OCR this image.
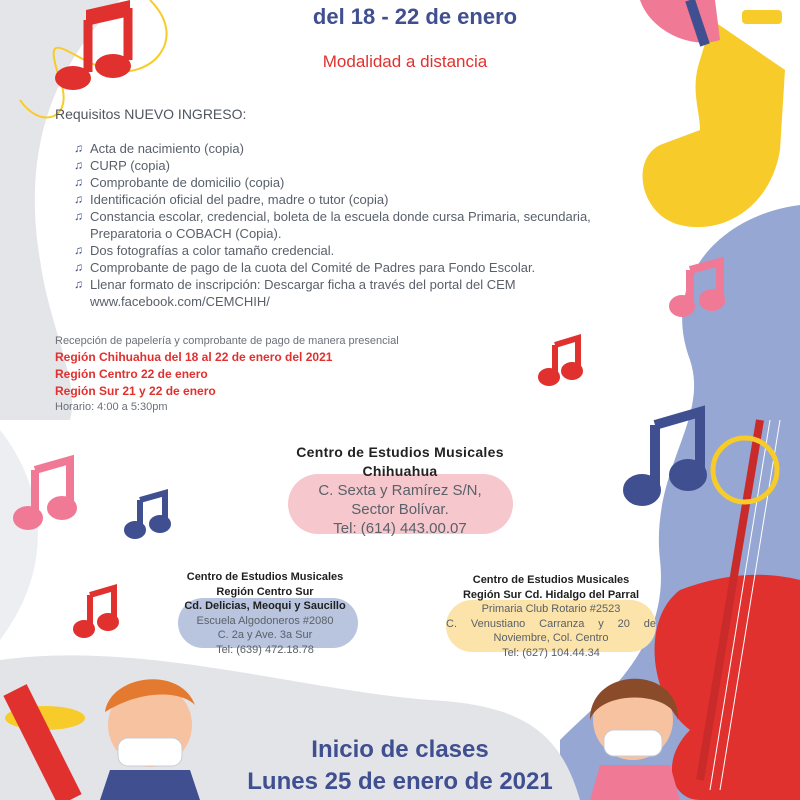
del 18 - 22 de enero
Modalidad a distancia
Requisitos NUEVO INGRESO:
♫ Acta de nacimiento (copia)
♫ CURP (copia)
♫ Comprobante de domicilio (copia)
♫ Identificación oficial del padre, madre o tutor (copia)
♫ Constancia escolar, credencial, boleta de la escuela donde cursa Primaria, secundaria, Preparatoria o COBACH (Copia).
♫ Dos fotografías a color tamaño credencial.
♫ Comprobante de pago de la cuota del Comité de Padres para Fondo Escolar.
♫ Llenar formato de inscripción: Descargar ficha a través del portal del CEM www.facebook.com/CEMCHIH/
Recepción de papelería y comprobante de pago de manera presencial
Región Chihuahua del 18 al 22 de enero del 2021
Región Centro 22 de enero
Región Sur 21 y 22 de enero
Horario: 4:00 a 5:30pm
Centro de Estudios Musicales
Chihuahua
C. Sexta y Ramírez S/N,
Sector Bolívar.
Tel: (614) 443.00.07
Centro de Estudios Musicales
Región Centro Sur
Cd. Delicias, Meoqui y Saucillo
Escuela Algodoneros #2080
C. 2a y Ave. 3a Sur
Tel: (639) 472.18.78
Centro de Estudios Musicales
Región Sur Cd. Hidalgo del Parral
Primaria Club Rotario #2523
C. Venustiano Carranza y 20 de Noviembre, Col. Centro
Tel: (627) 104.44.34
Inicio de clases
Lunes 25 de enero de 2021
